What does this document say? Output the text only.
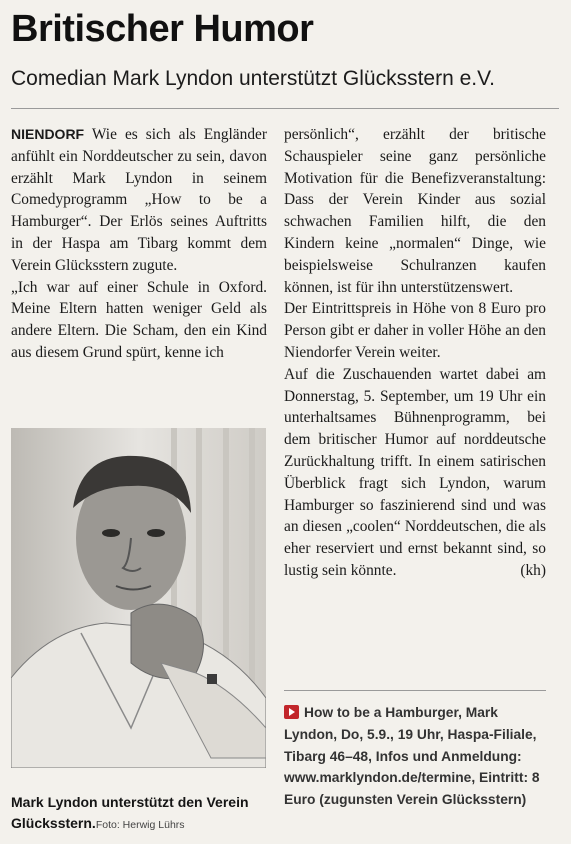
Britischer Humor
Comedian Mark Lyndon unterstützt Glücksstern e.V.

NIENDORF Wie es sich als Engländer anfühlt ein Norddeutscher zu sein, davon erzählt Mark Lyndon in seinem Comedyprogramm „How to be a Hamburger“. Der Erlös seines Auftritts in der Haspa am Tibarg kommt dem Verein Glücksstern zugute.

„Ich war auf einer Schule in Oxford. Meine Eltern hatten weniger Geld als andere Eltern. Die Scham, den ein Kind aus diesem Grund spürt, kenne ich

Mark Lyndon unterstützt den Verein Glücksstern.Foto: Herwig Lührs

persönlich“, erzählt der britische Schauspieler seine ganz persönliche Motivation für die Benefizveranstaltung: Dass der Verein Kinder aus sozial schwachen Familien hilft, die den Kindern keine „normalen“ Dinge, wie beispielsweise Schulranzen kaufen können, ist für ihn unterstützenswert.

Der Eintrittspreis in Höhe von 8 Euro pro Person gibt er daher in voller Höhe an den Niendorfer Verein weiter.

Auf die Zuschauenden wartet dabei am Donnerstag, 5. September, um 19 Uhr ein unterhaltsames Bühnenprogramm, bei dem britischer Humor auf norddeutsche Zurückhaltung trifft. In einem satirischen Überblick fragt sich Lyndon, warum Hamburger so faszinierend sind und was an diesen „coolen“ Norddeutschen, die als eher reserviert und ernst bekannt sind, so lustig sein könnte.	(kh)

How to be a Hamburger, Mark Lyndon, Do, 5.9., 19 Uhr, Haspa-Filiale, Tibarg 46–48, Infos und Anmeldung: www.marklyndon.de/termine, Eintritt: 8 Euro (zugunsten Verein Glücksstern)
